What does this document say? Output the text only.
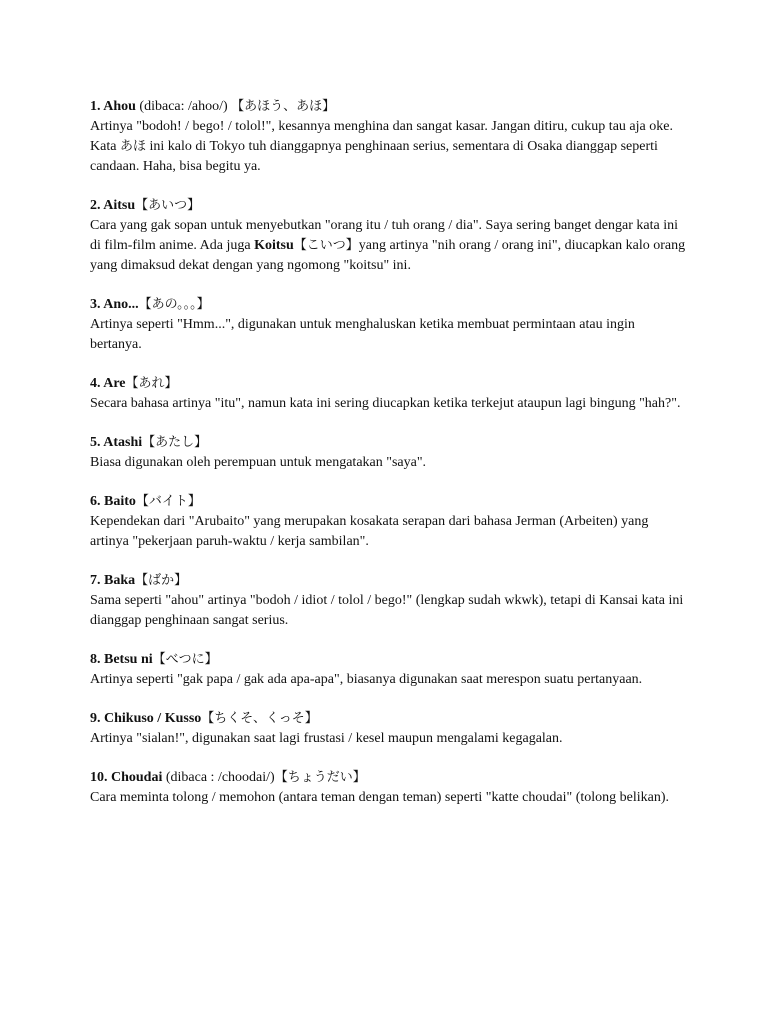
1. Ahou (dibaca: /ahoo/) 【あほう、あほ】

Artinya "bodoh! / bego! / tolol!", kesannya menghina dan sangat kasar. Jangan ditiru, cukup tau aja oke. Kata あほ ini kalo di Tokyo tuh dianggapnya penghinaan serius, sementara di Osaka dianggap seperti candaan. Haha, bisa begitu ya.

2. Aitsu【あいつ】

Cara yang gak sopan untuk menyebutkan "orang itu / tuh orang / dia". Saya sering banget dengar kata ini di film-film anime. Ada juga Koitsu【こいつ】yang artinya "nih orang / orang ini", diucapkan kalo orang yang dimaksud dekat dengan yang ngomong "koitsu" ini.

3. Ano...【あの。。。】

Artinya seperti "Hmm...", digunakan untuk menghaluskan ketika membuat permintaan atau ingin bertanya.

4. Are【あれ】

Secara bahasa artinya "itu", namun kata ini sering diucapkan ketika terkejut ataupun lagi bingung "hah?".

5. Atashi【あたし】

Biasa digunakan oleh perempuan untuk mengatakan "saya".

6. Baito【バイト】

Kependekan dari "Arubaito" yang merupakan kosakata serapan dari bahasa Jerman (Arbeiten) yang artinya "pekerjaan paruh-waktu / kerja sambilan".

7. Baka【ばか】

Sama seperti "ahou" artinya "bodoh / idiot / tolol / bego!" (lengkap sudah wkwk), tetapi di Kansai kata ini dianggap penghinaan sangat serius.

8. Betsu ni【べつに】

Artinya seperti "gak papa / gak ada apa-apa", biasanya digunakan saat merespon suatu pertanyaan.

9. Chikuso / Kusso【ちくそ、くっそ】

Artinya "sialan!", digunakan saat lagi frustasi / kesel maupun mengalami kegagalan.

10. Choudai (dibaca : /choodai/)【ちょうだい】

Cara meminta tolong / memohon (antara teman dengan teman) seperti "katte choudai" (tolong belikan).
